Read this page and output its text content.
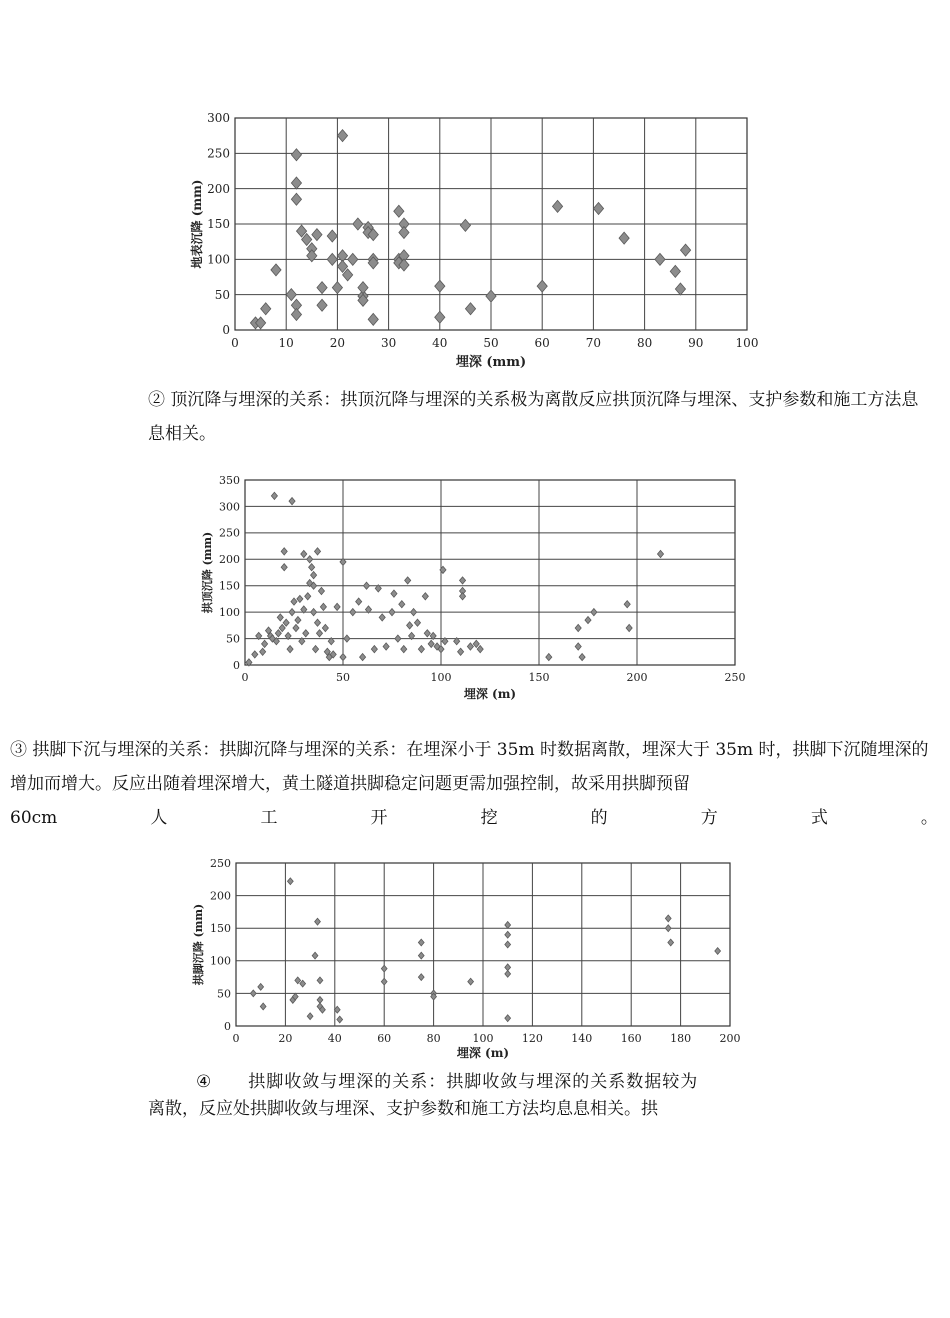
0	10	20	30	40	50	60	70	80	90	100
0
50
100
150
200
250
300
埋深 (mm)
地表沉降 (mm)

② 顶沉降与埋深的关系：拱顶沉降与埋深的关系极为离散反应拱顶沉降与埋深、支护参数和施工方法息息相关。

0	50	100	150	200	250
0
50
100
150
200
250
300
350
埋深 (m)
拱顶沉降 (mm)
③ 拱脚下沉与埋深的关系：拱脚沉降与埋深的关系：在埋深小于 35m 时数据离散，埋深大于 35m 时，拱脚下沉随埋深的增加而增大。反应出随着埋深增大，黄土隧道拱脚稳定问题更需加强控制，故采用拱脚预留
60cm	人	工	开	挖	的	方	式	。
0	20	40	60	80	100	120	140	160	180	200
0
50
100
150
200
250
埋深 (m)
拱脚沉降 (mm)
④ 拱脚收敛与埋深的关系：拱脚收敛与埋深的关系数据较为
离散，反应处拱脚收敛与埋深、支护参数和施工方法均息息相关。拱
